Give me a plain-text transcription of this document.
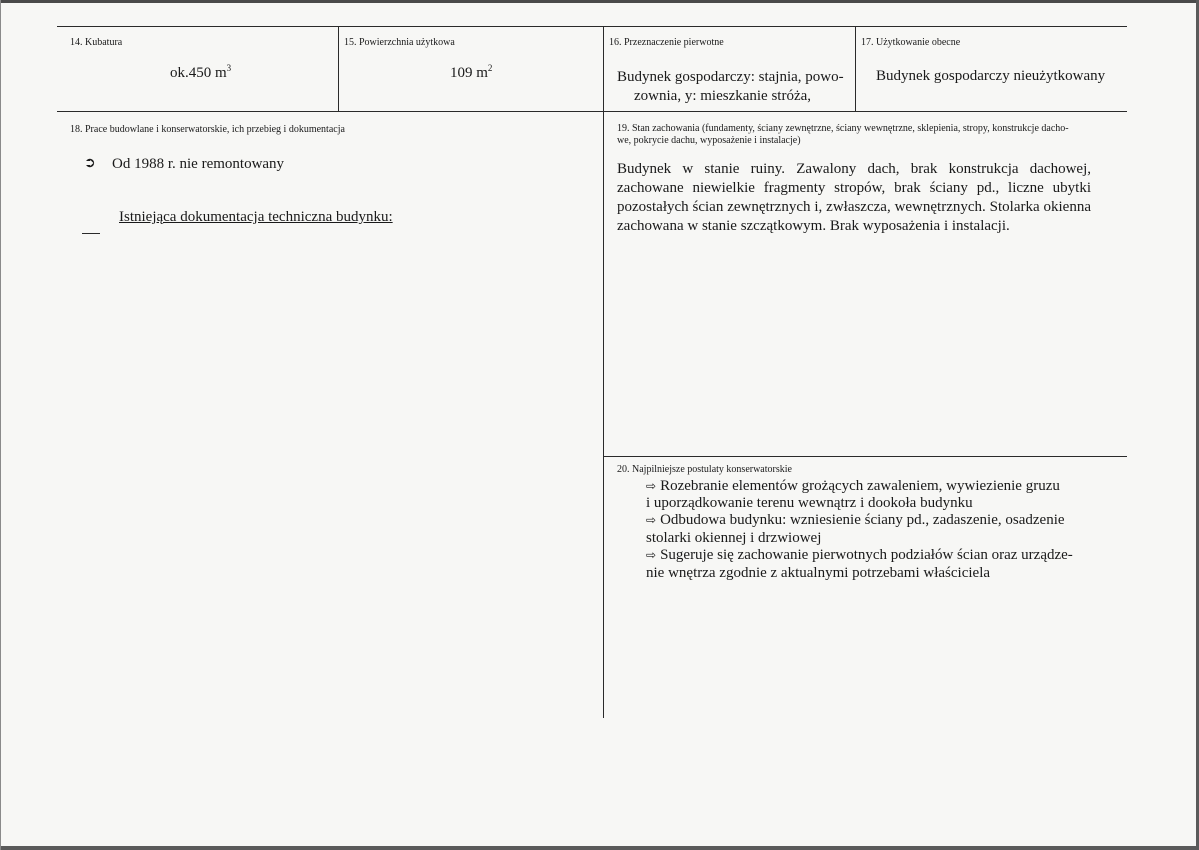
14. Kubatura
ok.450 $m^3$
15. Powierzchnia użytkowa
109 $m^2$
16. Przeznaczenie pierwotne
Budynek gospodarczy: stajnia, powo-
zownia, y: mieszkanie stróża,
17. Użytkowanie obecne
Budynek gospodarczy nieużytkowany
18. Prace budowlane i konserwatorskie, ich przebieg i dokumentacja
➲ Od 1988 r. nie remontowany
Istniejąca dokumentacja techniczna budynku:
19. Stan zachowania (fundamenty, ściany zewnętrzne, ściany wewnętrzne, sklepienia, stropy, konstrukcje dacho-
we, pokrycie dachu, wyposażenie i instalacje)
Budynek w stanie ruiny. Zawalony dach, brak konstrukcja dachowej, zachowane niewielkie fragmenty stropów, brak ściany pd., liczne ubytki pozostałych ścian zewnętrznych i, zwłaszcza, wewnętrznych. Stolarka okienna zachowana w stanie szczątkowym. Brak wyposażenia i instalacji.
20. Najpilniejsze postulaty konserwatorskie
⇨ Rozebranie elementów grożących zawaleniem, wywiezienie gruzu
i uporządkowanie terenu wewnątrz i dookoła budynku
⇨ Odbudowa budynku: wzniesienie ściany pd., zadaszenie, osadzenie
stolarki okiennej i drzwiowej
⇨ Sugeruje się zachowanie pierwotnych podziałów ścian oraz urządze-
nie wnętrza zgodnie z aktualnymi potrzebami właściciela
